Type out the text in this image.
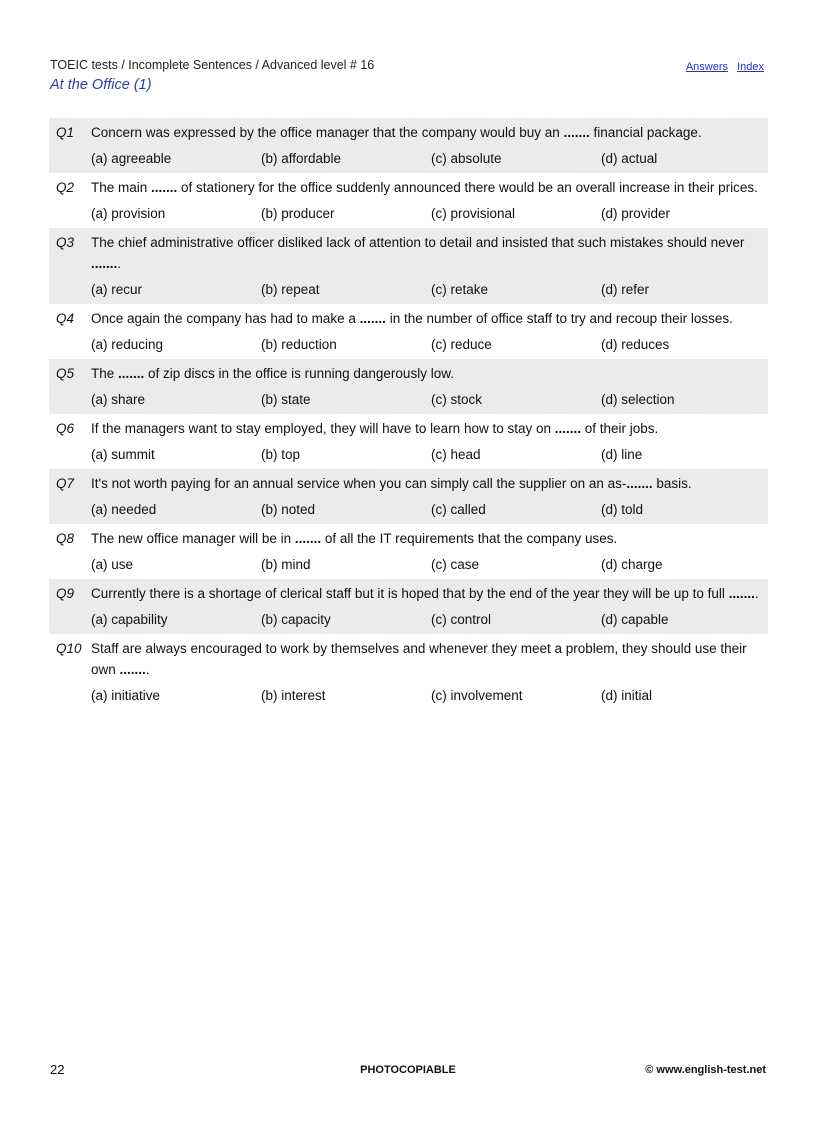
TOEIC tests / Incomplete Sentences / Advanced level # 16	Answers Index
At the Office (1)
Q1	Concern was expressed by the office manager that the company would buy an ....... financial package.

(a) agreeable	(b) affordable	(c) absolute	(d) actual
Q2	The main ....... of stationery for the office suddenly announced there would be an overall increase in their prices.

(a) provision	(b) producer	(c) provisional	(d) provider
Q3	The chief administrative officer disliked lack of attention to detail and insisted that such mistakes should never ........

(a) recur	(b) repeat	(c) retake	(d) refer
Q4	Once again the company has had to make a ....... in the number of office staff to try and recoup their losses.

(a) reducing	(b) reduction	(c) reduce	(d) reduces
Q5	The ....... of zip discs in the office is running dangerously low.

(a) share	(b) state	(c) stock	(d) selection
Q6	If the managers want to stay employed, they will have to learn how to stay on ....... of their jobs.

(a) summit	(b) top	(c) head	(d) line
Q7	It's not worth paying for an annual service when you can simply call the supplier on an as-....... basis.

(a) needed	(b) noted	(c) called	(d) told
Q8	The new office manager will be in ....... of all the IT requirements that the company uses.

(a) use	(b) mind	(c) case	(d) charge
Q9	Currently there is a shortage of clerical staff but it is hoped that by the end of the year they will be up to full ........

(a) capability	(b) capacity	(c) control	(d) capable
Q10 Staff are always encouraged to work by themselves and whenever they meet a problem, they should use their own ........

(a) initiative	(b) interest	(c) involvement	(d) initial
22	PHOTOCOPIABLE	© www.english-test.net
